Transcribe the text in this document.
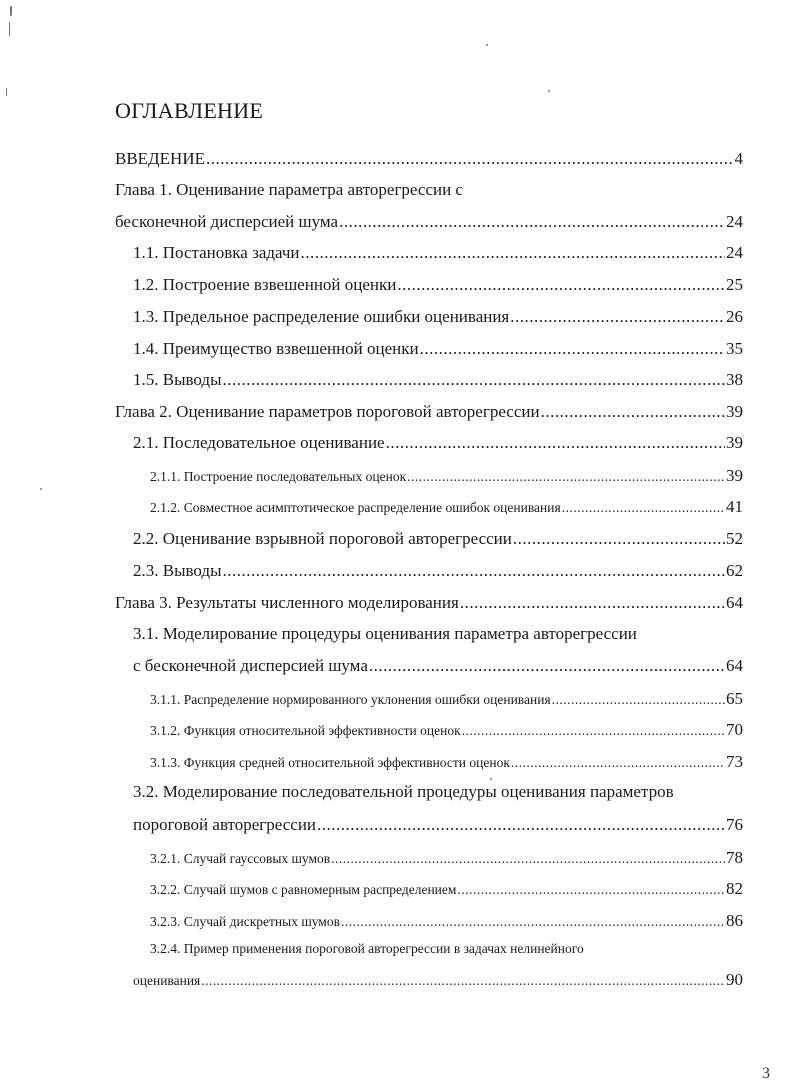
ОГЛАВЛЕНИЕ
ВВЕДЕНИЕ .....	4
Глава 1. Оценивание параметра авторегрессии с
бесконечной дисперсией шума .....	24
1.1. Постановка задачи .....	24
1.2. Построение взвешенной оценки .....	25
1.3. Предельное распределение ошибки оценивания .....	26
1.4. Преимущество взвешенной оценки .....	35
1.5. Выводы .....	38
Глава 2. Оценивание параметров пороговой авторегрессии .....	39
2.1. Последовательное оценивание .....	39
2.1.1. Построение последовательных оценок .....	39
2.1.2. Совместное асимптотическое распределение ошибок оценивания .....	41
2.2. Оценивание взрывной пороговой авторегрессии .....	52
2.3. Выводы .....	62
Глава 3. Результаты численного моделирования .....	64
3.1. Моделирование процедуры оценивания параметра авторегрессии
с бесконечной дисперсией шума .....	64
3.1.1. Распределение нормированного уклонения ошибки оценивания .....	65
3.1.2. Функция относительной эффективности оценок .....	70
3.1.3. Функция средней относительной эффективности оценок .....	73
3.2. Моделирование последовательной процедуры оценивания параметров
пороговой авторегрессии .....	76
3.2.1. Случай гауссовых шумов .....	78
3.2.2. Случай шумов с равномерным распределением .....	82
3.2.3. Случай дискретных шумов .....	86
3.2.4. Пример применения пороговой авторегрессии в задачах нелинейного
оценивания .....	90
3
